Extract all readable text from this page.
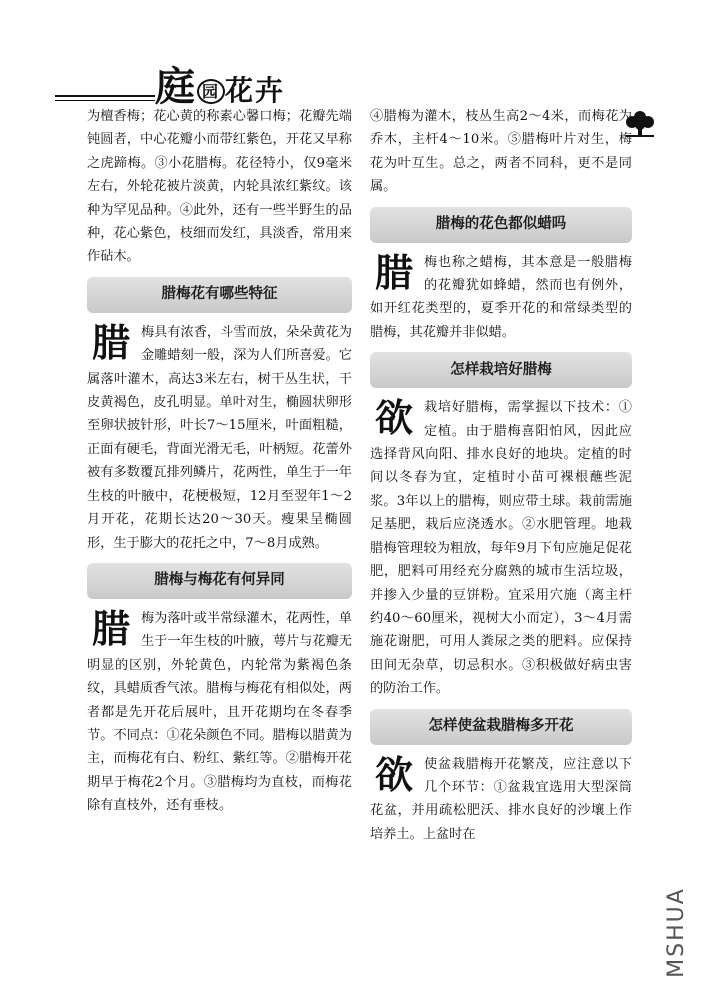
庭园 花卉

为檀香梅；花心黄的称素心馨口梅；花瓣先端钝圆者，中心花瓣小而带红紫色，开花又早称之虎蹄梅。③小花腊梅。花径特小，仅9毫米左右，外轮花被片淡黄，内轮具浓红紫纹。该种为罕见品种。④此外，还有一些半野生的品种，花心紫色，枝细而发红，具淡香，常用来作砧木。

腊梅花有哪些特征

腊梅具有浓香，斗雪而放，朵朵黄花为金雕蜡刻一般，深为人们所喜爱。它属落叶灌木，高达3米左右，树干丛生状，干皮黄褐色，皮孔明显。单叶对生，椭圆状卵形至卵状披针形，叶长7～15厘米，叶面粗糙，正面有硬毛，背面光滑无毛，叶柄短。花蕾外被有多数覆瓦排列鳞片，花两性，单生于一年生枝的叶腋中，花梗极短，12月至翌年1～2月开花，花期长达20～30天。瘦果呈椭圆形，生于膨大的花托之中，7～8月成熟。

腊梅与梅花有何异同

腊梅为落叶或半常绿灌木，花两性，单生于一年生枝的叶腋，萼片与花瓣无明显的区别，外轮黄色，内轮常为紫褐色条纹，具蜡质香气浓。腊梅与梅花有相似处，两者都是先开花后展叶，且开花期均在冬春季节。不同点：①花朵颜色不同。腊梅以腊黄为主，而梅花有白、粉红、紫红等。②腊梅开花期早于梅花2个月。③腊梅均为直枝，而梅花除有直枝外，还有垂枝。

④腊梅为灌木，枝丛生高2～4米，而梅花为乔木，主杆4～10米。⑤腊梅叶片对生，梅花为叶互生。总之，两者不同科，更不是同属。

腊梅的花色都似蜡吗

腊梅也称之蜡梅，其本意是一般腊梅的花瓣犹如蜂蜡，然而也有例外，如开红花类型的，夏季开花的和常绿类型的腊梅，其花瓣并非似蜡。

怎样栽培好腊梅

欲栽培好腊梅，需掌握以下技术：①定植。由于腊梅喜阳怕风，因此应选择背风向阳、排水良好的地块。定植的时间以冬春为宜，定植时小苗可裸根蘸些泥浆。3年以上的腊梅，则应带土球。栽前需施足基肥，栽后应浇透水。②水肥管理。地栽腊梅管理较为粗放，每年9月下旬应施足促花肥，肥料可用经充分腐熟的城市生活垃圾，并掺入少量的豆饼粉。宜采用穴施（离主杆约40～60厘米，视树大小而定），3～4月需施花谢肥，可用人粪尿之类的肥料。应保持田间无杂草，切忌积水。③积极做好病虫害的防治工作。

怎样使盆栽腊梅多开花

欲使盆栽腊梅开花繁茂，应注意以下几个环节：①盆栽宜选用大型深筒花盆，并用疏松肥沃、排水良好的沙壤上作培养土。上盆时在

MSHUA
